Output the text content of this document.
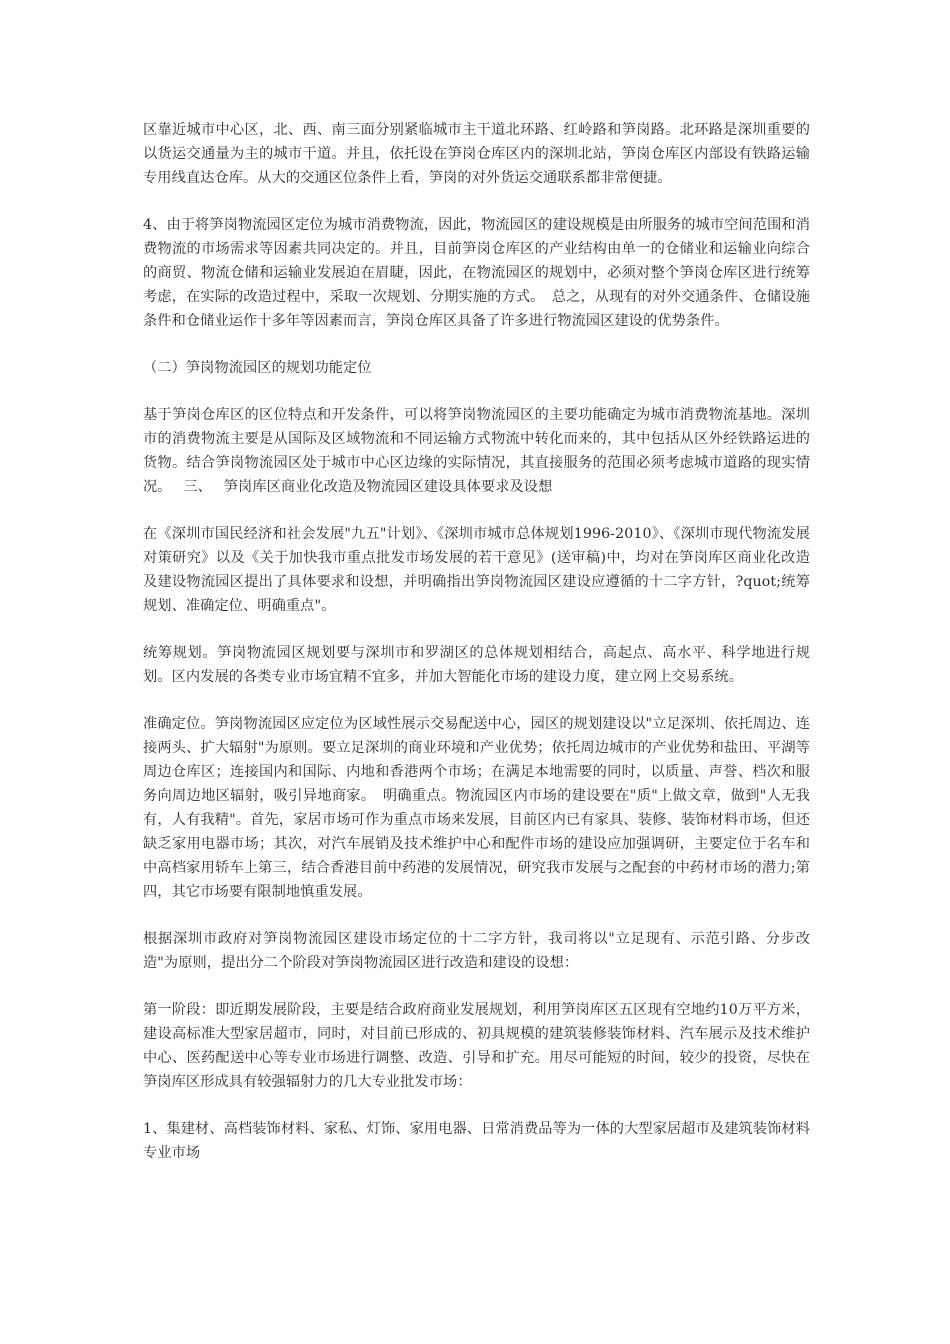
区靠近城市中心区，北、西、南三面分别紧临城市主干道北环路、红岭路和笋岗路。北环路是深圳重要的以货运交通量为主的城市干道。并且，依托设在笋岗仓库区内的深圳北站，笋岗仓库区内部设有铁路运输专用线直达仓库。从大的交通区位条件上看，笋岗的对外货运交通联系都非常便捷。

4、由于将笋岗物流园区定位为城市消费物流，因此，物流园区的建设规模是由所服务的城市空间范围和消费物流的市场需求等因素共同决定的。并且，目前笋岗仓库区的产业结构由单一的仓储业和运输业向综合的商贸、物流仓储和运输业发展迫在眉睫，因此，在物流园区的规划中，必须对整个笋岗仓库区进行统筹考虑，在实际的改造过程中，采取一次规划、分期实施的方式。　总之，从现有的对外交通条件、仓储设施条件和仓储业运作十多年等因素而言，笋岗仓库区具备了许多进行物流园区建设的优势条件。

（二）笋岗物流园区的规划功能定位

基于笋岗仓库区的区位特点和开发条件，可以将笋岗物流园区的主要功能确定为城市消费物流基地。深圳市的消费物流主要是从国际及区域物流和不同运输方式物流中转化而来的，其中包括从区外经铁路运进的货物。结合笋岗物流园区处于城市中心区边缘的实际情况，其直接服务的范围必须考虑城市道路的现实情况。　 三、　 笋岗库区商业化改造及物流园区建设具体要求及设想

在《深圳市国民经济和社会发展"九五"计划》、《深圳市城市总体规划1996-2010》、《深圳市现代物流发展对策研究》以及《关于加快我市重点批发市场发展的若干意见》(送审稿)中，均对在笋岗库区商业化改造及建设物流园区提出了具体要求和设想，并明确指出笋岗物流园区建设应遵循的十二字方针，?quot;统筹规划、准确定位、明确重点"。

统筹规划。笋岗物流园区规划要与深圳市和罗湖区的总体规划相结合，高起点、高水平、科学地进行规划。区内发展的各类专业市场宜精不宜多，并加大智能化市场的建设力度，建立网上交易系统。

准确定位。笋岗物流园区应定位为区域性展示交易配送中心，园区的规划建设以"立足深圳、依托周边、连接两头、扩大辐射"为原则。要立足深圳的商业环境和产业优势；依托周边城市的产业优势和盐田、平湖等周边仓库区；连接国内和国际、内地和香港两个市场；在满足本地需要的同时，以质量、声誉、档次和服务向周边地区辐射，吸引异地商家。　明确重点。物流园区内市场的建设要在"质"上做文章，做到"人无我有，人有我精"。首先，家居市场可作为重点市场来发展，目前区内已有家具、装修、装饰材料市场，但还缺乏家用电器市场；其次，对汽车展销及技术维护中心和配件市场的建设应加强调研，主要定位于名车和中高档家用轿车上第三，结合香港目前中药港的发展情况，研究我市发展与之配套的中药材市场的潜力;第四，其它市场要有限制地慎重发展。

根据深圳市政府对笋岗物流园区建设市场定位的十二字方针，我司将以"立足现有、示范引路、分步改造"为原则，提出分二个阶段对笋岗物流园区进行改造和建设的设想：

第一阶段：即近期发展阶段，主要是结合政府商业发展规划，利用笋岗库区五区现有空地约10万平方米，建设高标准大型家居超市，同时，对目前已形成的、初具规模的建筑装修装饰材料、汽车展示及技术维护中心、医药配送中心等专业市场进行调整、改造、引导和扩充。用尽可能短的时间，较少的投资，尽快在笋岗库区形成具有较强辐射力的几大专业批发市场：

1、集建材、高档装饰材料、家私、灯饰、家用电器、日常消费品等为一体的大型家居超市及建筑装饰材料专业市场
